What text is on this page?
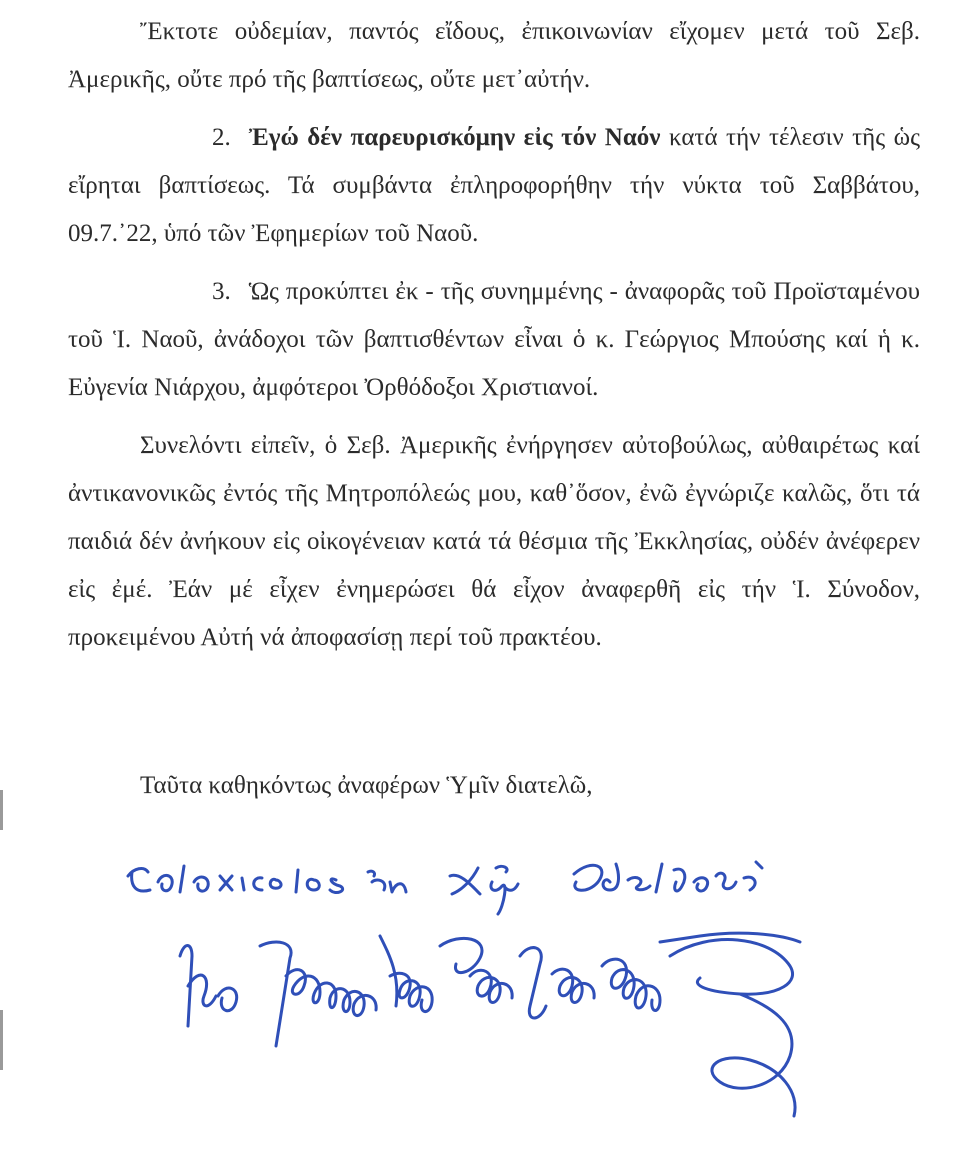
Ἔκτοτε οὐδεμίαν, παντός εἴδους, ἐπικοινωνίαν εἴχομεν μετά τοῦ Σεβ. Ἀμερικῆς, οὔτε πρό τῆς βαπτίσεως, οὔτε μετ᾽αὐτήν.

2. Ἐγώ δέν παρευρισκόμην εἰς τόν Ναόν κατά τήν τέλεσιν τῆς ὡς εἴρηται βαπτίσεως. Τά συμβάντα ἐπληροφορήθην τήν νύκτα τοῦ Σαββάτου, 09.7.᾽22, ὑπό τῶν Ἐφημερίων τοῦ Ναοῦ.

3. Ὡς προκύπτει ἐκ - τῆς συνημμένης - ἀναφορᾶς τοῦ Προϊσταμένου τοῦ Ἱ. Ναοῦ, ἀνάδοχοι τῶν βαπτισθέντων εἶναι ὁ κ. Γεώργιος Μπούσης καί ἡ κ. Εὐγενία Νιάρχου, ἀμφότεροι Ὀρθόδοξοι Χριστιανοί.

Συνελόντι εἰπεῖν, ὁ Σεβ. Ἀμερικῆς ἐνήργησεν αὐτοβούλως, αὐθαιρέτως καί ἀντικανονικῶς ἐντός τῆς Μητροπόλεώς μου, καθ᾽ὅσον, ἐνῶ ἐγνώριζε καλῶς, ὅτι τά παιδιά δέν ἀνήκουν εἰς οἰκογένειαν κατά τά θέσμια τῆς Ἐκκλησίας, οὐδέν ἀνέφερεν εἰς ἐμέ. Ἐάν μέ εἶχεν ἐνημερώσει θά εἶχον ἀναφερθῆ εἰς τήν Ἱ. Σύνοδον, προκειμένου Αὐτή νά ἀποφασίσῃ περί τοῦ πρακτέου.

Ταῦτα καθηκόντως ἀναφέρων Ὑμῖν διατελῶ,
